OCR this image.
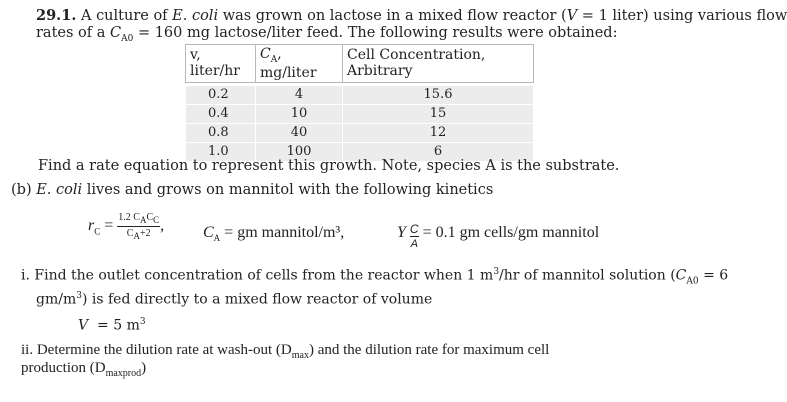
29.1. A culture of E. coli was grown on lactose in a mixed flow reactor (V = 1 liter) using various flow
rates of a $C_{A0} = 160$ mg lactose/liter feed. The following results were obtained:
v, liter/hr	$C_A$, mg/liter	Cell Concentration, Arbitrary

0.2	4	15.6
0.4	10	15
0.8	40	12
1.0	100	6
Find a rate equation to represent this growth. Note, species A is the substrate.
(b) E. coli lives and grows on mannitol with the following kinetics
$r_C = \frac{1.2 C_AC_C}{C_A+2}$ , $C_A$ = gm mannitol/m³,	Y $\frac{C}{A} = 0.1$ gm cells/gm mannitol
i. Find the outlet concentration of cells from the reactor when 1 $m^3/hr$ of mannitol solution ($C_{A0} = 6$
$gm/m^3$) is fed directly to a mixed flow reactor of volume
V  = 5 $m^3$
ii. Determine the dilution rate at wash-out $(D_{max})$ and the dilution rate for maximum cell
production $(D_{maxprod})$
